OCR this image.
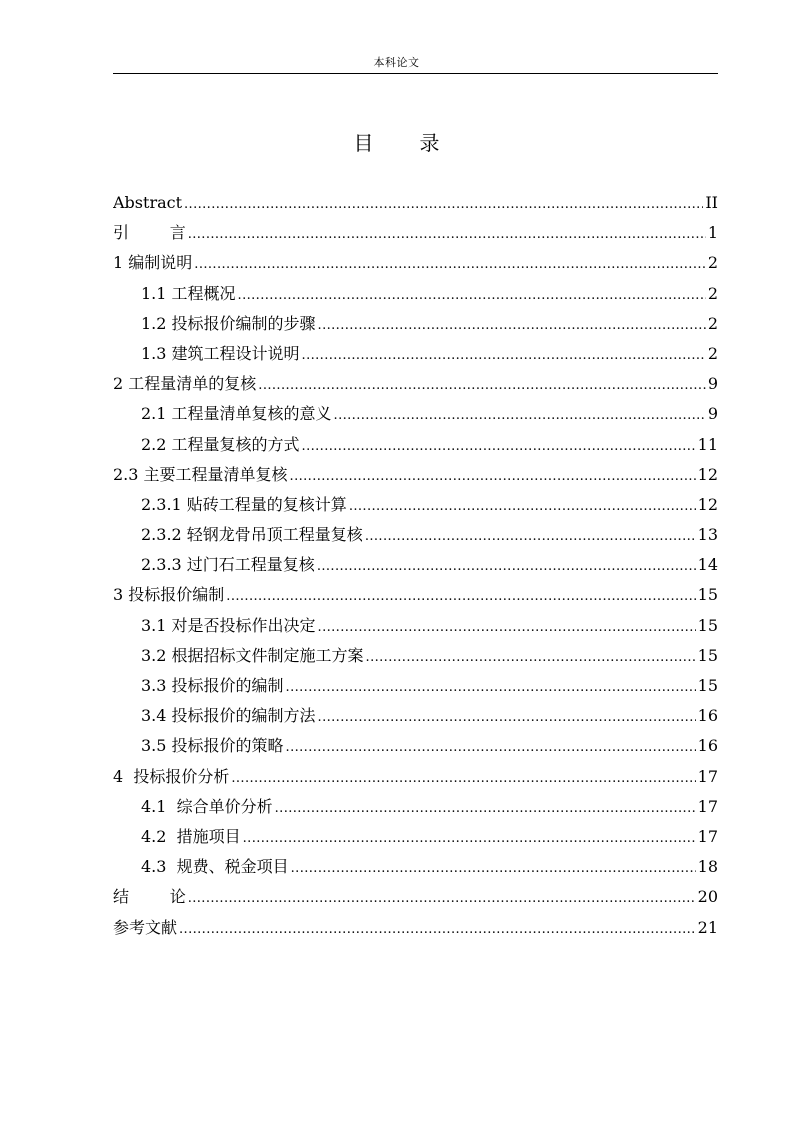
本科论文
目 录
Abstract .....	II
引        言 .....	1
1 编制说明 .....	2
1.1 工程概况 .....	2
1.2 投标报价编制的步骤 .....	2
1.3 建筑工程设计说明 .....	2
2 工程量清单的复核 .....	9
2.1 工程量清单复核的意义 .....	9
2.2 工程量复核的方式 .....	11
2.3 主要工程量清单复核 .....	12
2.3.1 贴砖工程量的复核计算 .....	12
2.3.2 轻钢龙骨吊顶工程量复核 .....	13
2.3.3 过门石工程量复核 .....	14
3 投标报价编制 .....	15
3.1 对是否投标作出决定 .....	15
3.2 根据招标文件制定施工方案 .....	15
3.3 投标报价的编制 .....	15
3.4 投标报价的编制方法 .....	16
3.5 投标报价的策略 .....	16
4  投标报价分析 .....	17
4.1  综合单价分析 .....	17
4.2  措施项目 .....	17
4.3  规费、税金项目 .....	18
结        论 .....	20
参考文献 .....	21
